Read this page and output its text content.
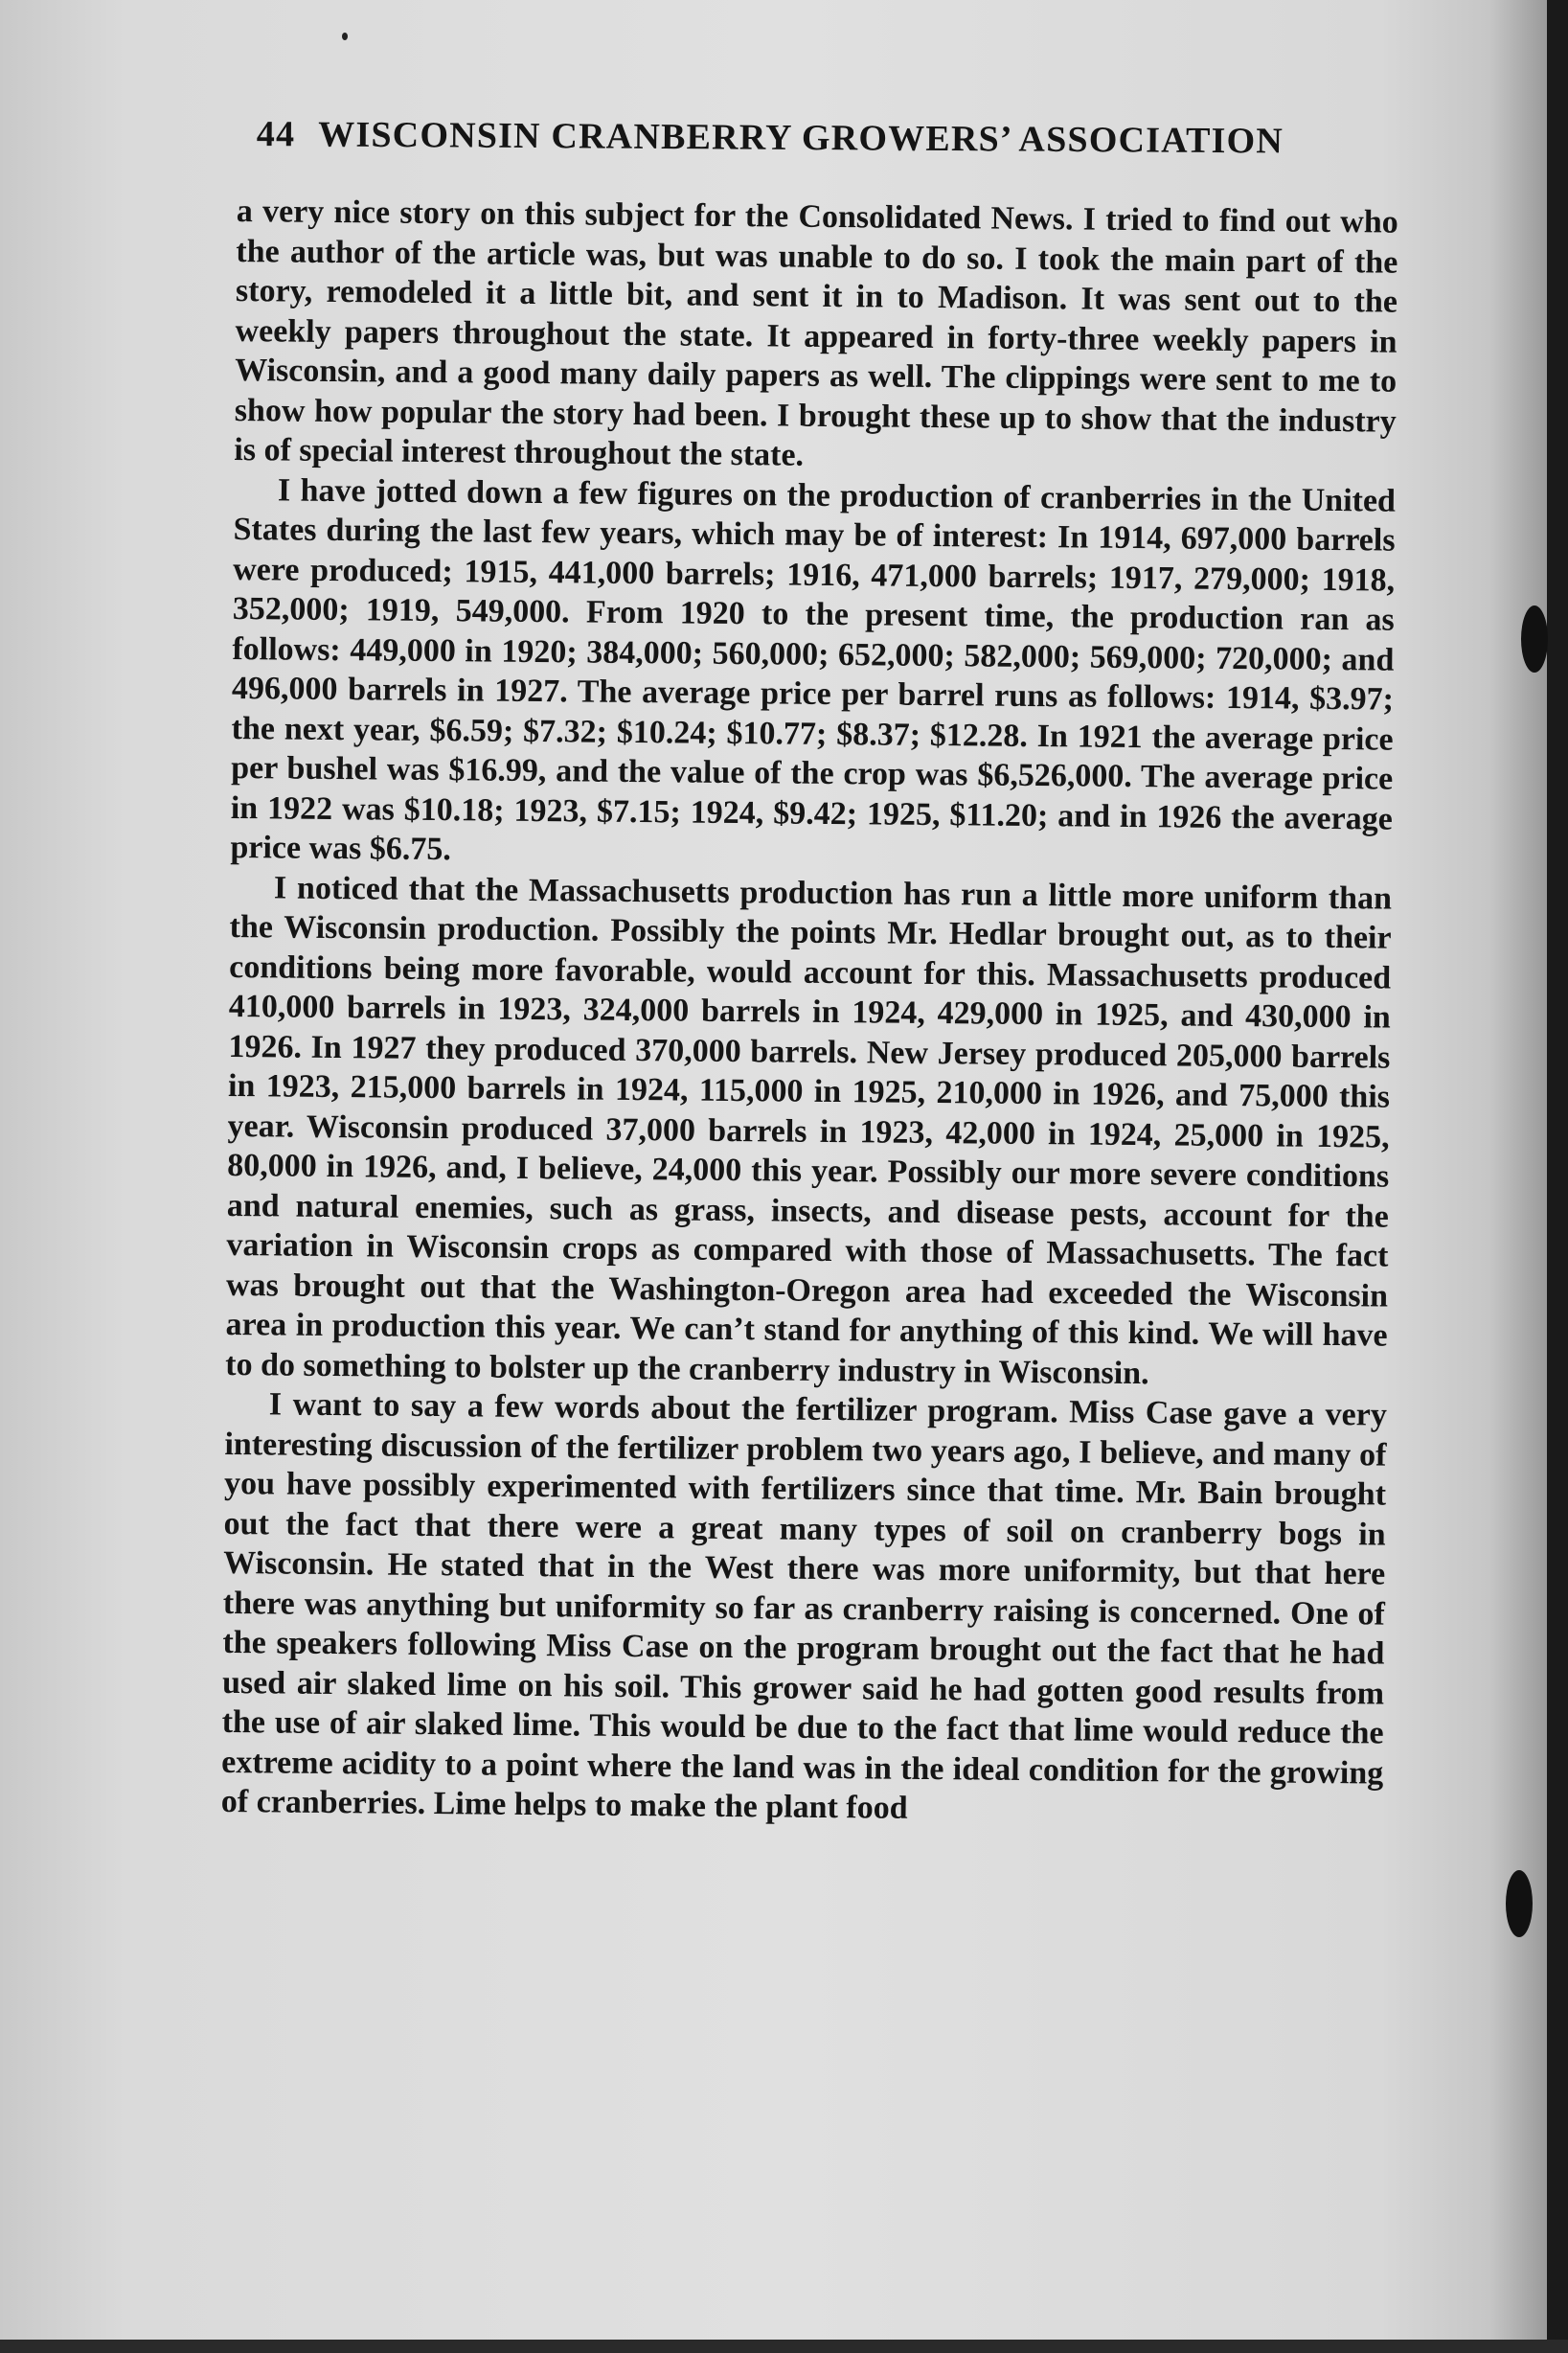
44 WISCONSIN CRANBERRY GROWERS’ ASSOCIATION

a very nice story on this subject for the Consolidated News. I tried to find out who the author of the article was, but was unable to do so. I took the main part of the story, remodeled it a little bit, and sent it in to Madison. It was sent out to the weekly papers throughout the state. It appeared in forty-three weekly papers in Wisconsin, and a good many daily papers as well. The clippings were sent to me to show how popular the story had been. I brought these up to show that the industry is of special interest throughout the state.

I have jotted down a few figures on the production of cranberries in the United States during the last few years, which may be of interest: In 1914, 697,000 barrels were produced; 1915, 441,000 barrels; 1916, 471,000 barrels; 1917, 279,000; 1918, 352,000; 1919, 549,000. From 1920 to the present time, the production ran as follows: 449,000 in 1920; 384,000; 560,000; 652,000; 582,000; 569,000; 720,000; and 496,000 barrels in 1927. The average price per barrel runs as follows: 1914, $3.97; the next year, $6.59; $7.32; $10.24; $10.77; $8.37; $12.28. In 1921 the average price per bushel was $16.99, and the value of the crop was $6,526,000. The average price in 1922 was $10.18; 1923, $7.15; 1924, $9.42; 1925, $11.20; and in 1926 the average price was $6.75.

I noticed that the Massachusetts production has run a little more uniform than the Wisconsin production. Possibly the points Mr. Hedlar brought out, as to their conditions being more favorable, would account for this. Massachusetts produced 410,000 barrels in 1923, 324,000 barrels in 1924, 429,000 in 1925, and 430,000 in 1926. In 1927 they produced 370,000 barrels. New Jersey produced 205,000 barrels in 1923, 215,000 barrels in 1924, 115,000 in 1925, 210,000 in 1926, and 75,000 this year. Wisconsin produced 37,000 barrels in 1923, 42,000 in 1924, 25,000 in 1925, 80,000 in 1926, and, I believe, 24,000 this year. Possibly our more severe conditions and natural enemies, such as grass, insects, and disease pests, account for the variation in Wisconsin crops as compared with those of Massachusetts. The fact was brought out that the Washington-Oregon area had exceeded the Wisconsin area in production this year. We can’t stand for anything of this kind. We will have to do something to bolster up the cranberry industry in Wisconsin.

I want to say a few words about the fertilizer program. Miss Case gave a very interesting discussion of the fertilizer problem two years ago, I believe, and many of you have possibly experimented with fertilizers since that time. Mr. Bain brought out the fact that there were a great many types of soil on cranberry bogs in Wisconsin. He stated that in the West there was more uniformity, but that here there was anything but uniformity so far as cranberry raising is concerned. One of the speakers following Miss Case on the program brought out the fact that he had used air slaked lime on his soil. This grower said he had gotten good results from the use of air slaked lime. This would be due to the fact that lime would reduce the extreme acidity to a point where the land was in the ideal condition for the growing of cranberries. Lime helps to make the plant food
